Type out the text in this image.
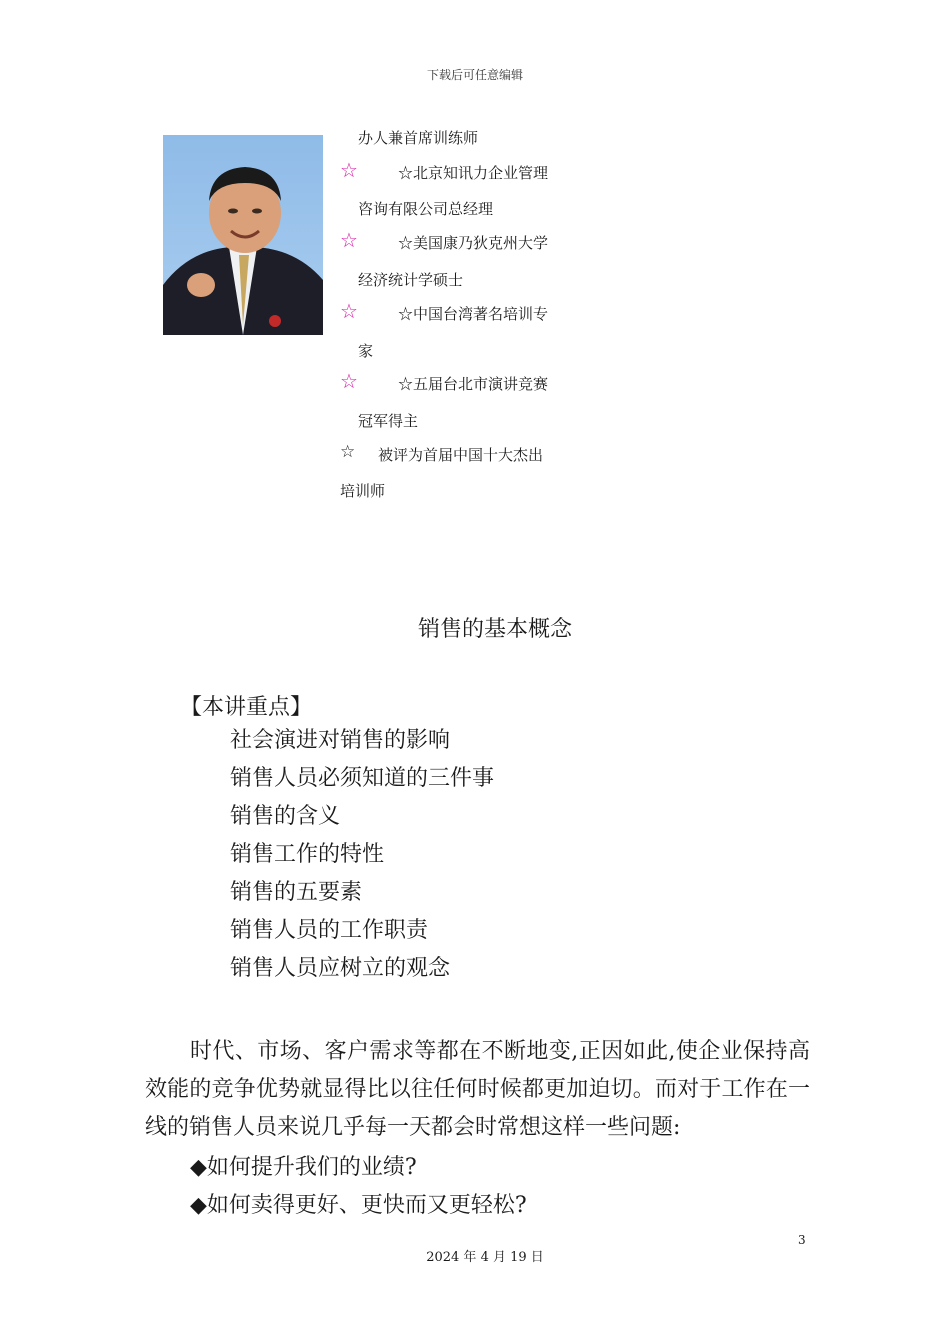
下载后可任意编辑
办人兼首席训练师
☆	☆北京知讯力企业管理
咨询有限公司总经理
☆	☆美国康乃狄克州大学
经济统计学硕士
☆	☆中国台湾著名培训专
家
☆	☆五届台北市演讲竞赛
冠军得主
☆ 被评为首届中国十大杰出
培训师
销售的基本概念
【本讲重点】
社会演进对销售的影响
销售人员必须知道的三件事
销售的含义
销售工作的特性
销售的五要素
销售人员的工作职责
销售人员应树立的观念
时代、市场、客户需求等都在不断地变,正因如此,使企业保持高效能的竞争优势就显得比以往任何时候都更加迫切。而对于工作在一线的销售人员来说几乎每一天都会时常想这样一些问题:
◆如何提升我们的业绩?
◆如何卖得更好、更快而又更轻松?
3
2024 年 4 月 19 日
